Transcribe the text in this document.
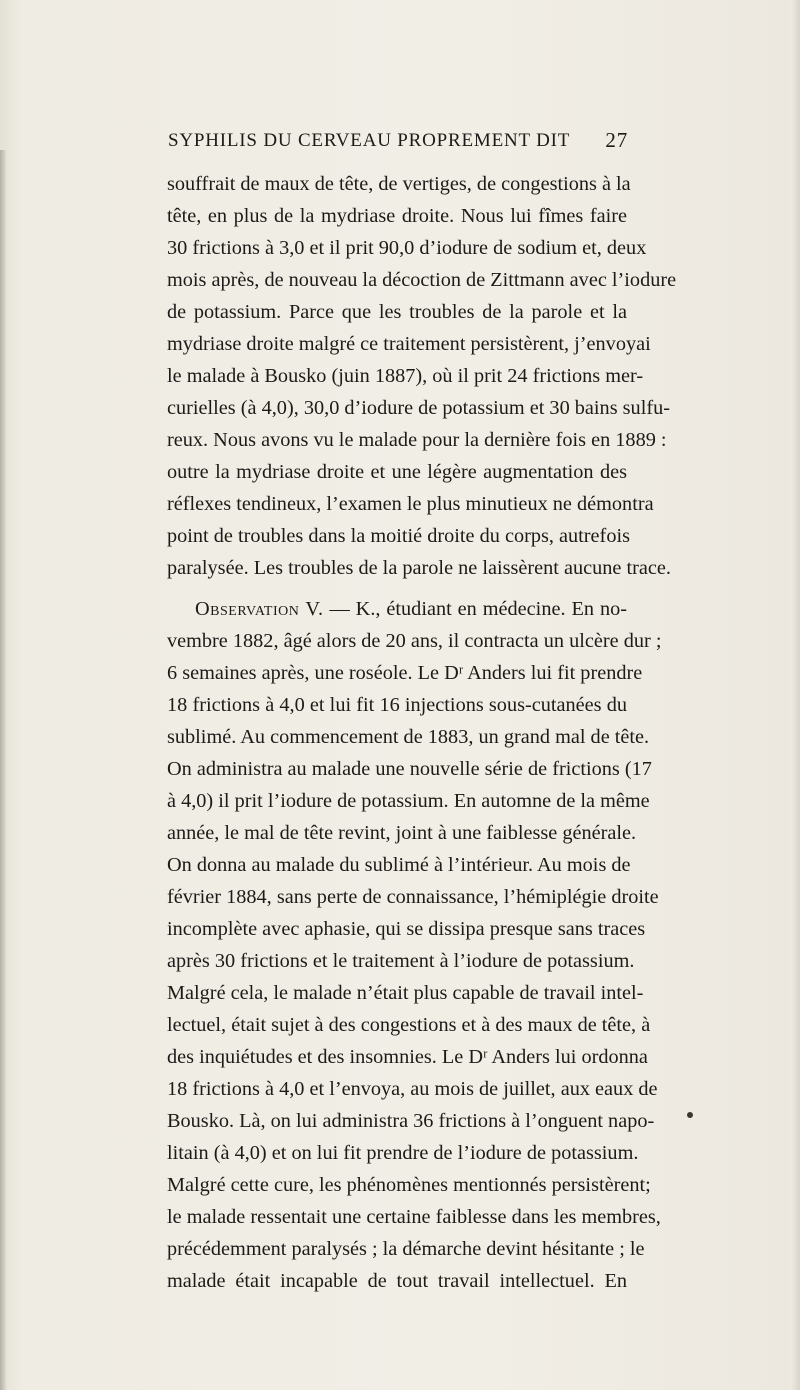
SYPHILIS DU CERVEAU PROPREMENT DIT 27
souffrait de maux de tête, de vertiges, de congestions à la
tête, en plus de la mydriase droite. Nous lui fîmes faire
30 frictions à 3,0 et il prit 90,0 d’iodure de sodium et, deux
mois après, de nouveau la décoction de Zittmann avec l’iodure
de potassium. Parce que les troubles de la parole et la
mydriase droite malgré ce traitement persistèrent, j’envoyai
le malade à Bousko (juin 1887), où il prit 24 frictions mer-
curielles (à 4,0), 30,0 d’iodure de potassium et 30 bains sulfu-
reux. Nous avons vu le malade pour la dernière fois en 1889 :
outre la mydriase droite et une légère augmentation des
réflexes tendineux, l’examen le plus minutieux ne démontra
point de troubles dans la moitié droite du corps, autrefois
paralysée. Les troubles de la parole ne laissèrent aucune trace.
Observation V. — K., étudiant en médecine. En no-
vembre 1882, âgé alors de 20 ans, il contracta un ulcère dur ;
6 semaines après, une roséole. Le Dʳ Anders lui fit prendre
18 frictions à 4,0 et lui fit 16 injections sous-cutanées du
sublimé. Au commencement de 1883, un grand mal de tête.
On administra au malade une nouvelle série de frictions (17
à 4,0) il prit l’iodure de potassium. En automne de la même
année, le mal de tête revint, joint à une faiblesse générale.
On donna au malade du sublimé à l’intérieur. Au mois de
février 1884, sans perte de connaissance, l’hémiplégie droite
incomplète avec aphasie, qui se dissipa presque sans traces
après 30 frictions et le traitement à l’iodure de potassium.
Malgré cela, le malade n’était plus capable de travail intel-
lectuel, était sujet à des congestions et à des maux de tête, à
des inquiétudes et des insomnies. Le Dʳ Anders lui ordonna
18 frictions à 4,0 et l’envoya, au mois de juillet, aux eaux de
Bousko. Là, on lui administra 36 frictions à l’onguent napo-
litain (à 4,0) et on lui fit prendre de l’iodure de potassium.
Malgré cette cure, les phénomènes mentionnés persistèrent;
le malade ressentait une certaine faiblesse dans les membres,
précédemment paralysés ; la démarche devint hésitante ; le
malade était incapable de tout travail intellectuel. En
